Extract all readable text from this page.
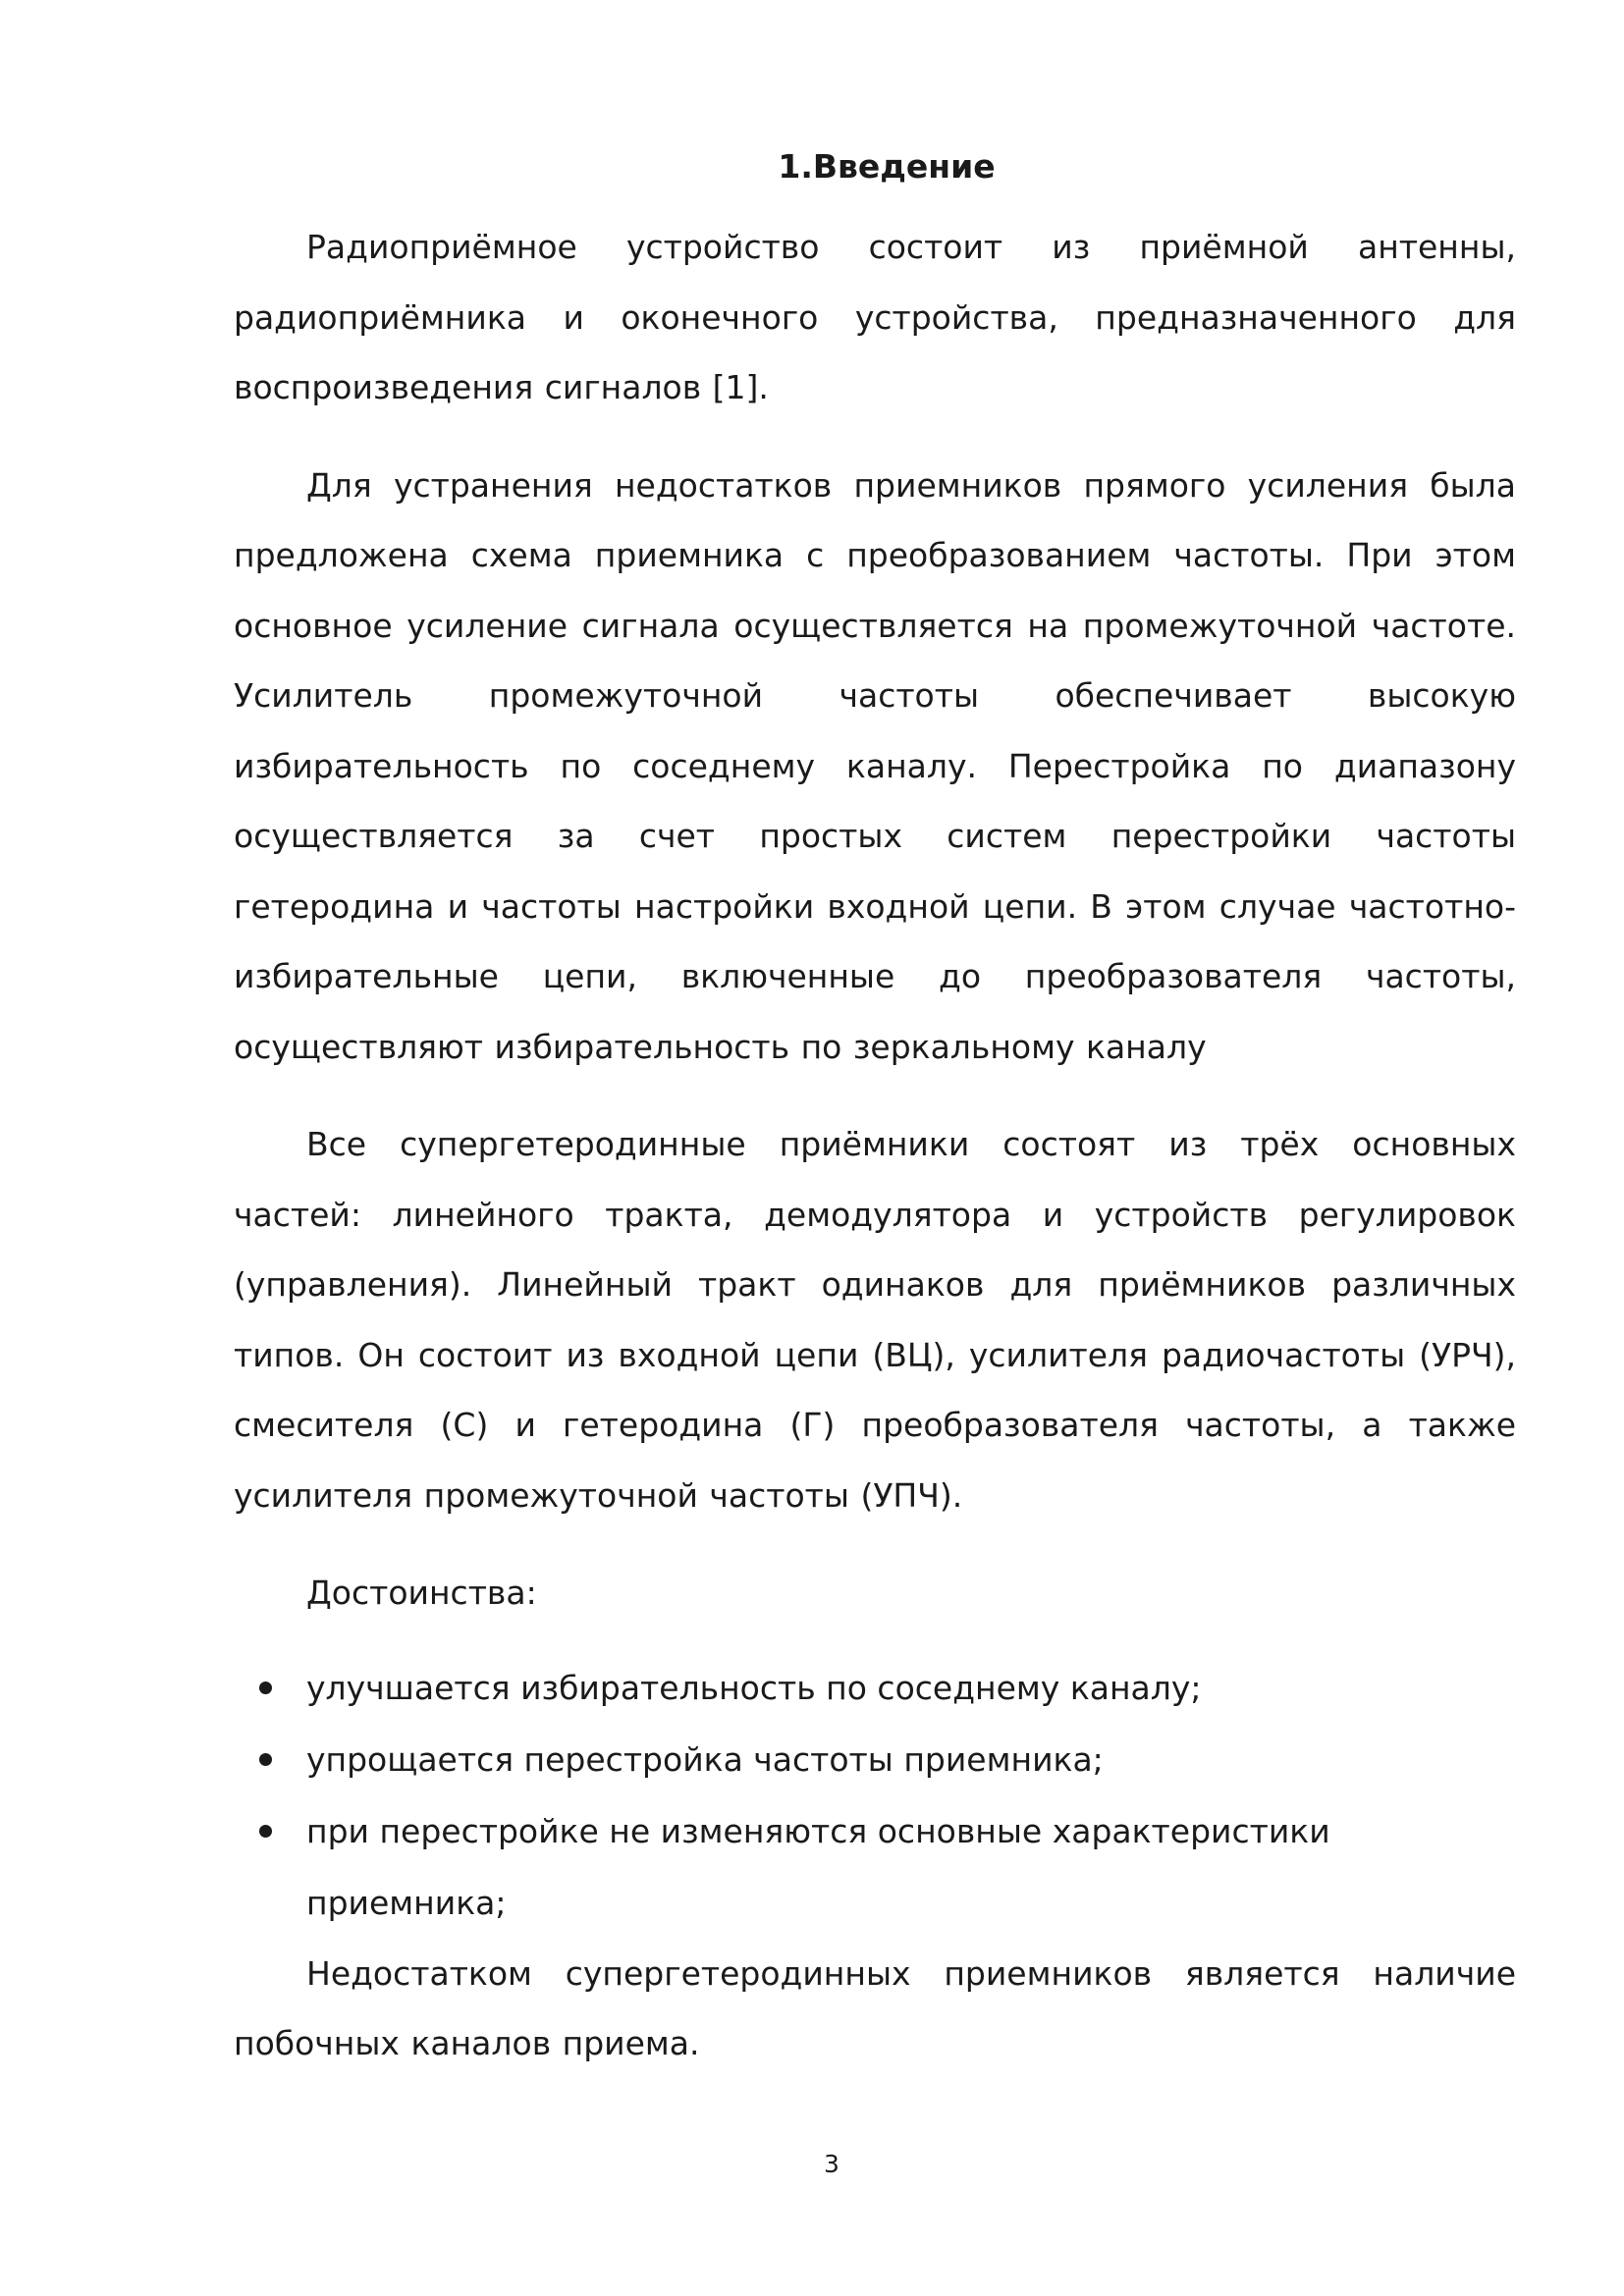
1.Введение

Радиоприёмное устройство состоит из приёмной антенны, радиоприёмника и оконечного устройства, предназначенного для воспроизведения сигналов [1].

Для устранения недостатков приемников прямого усиления была предложена схема приемника с преобразованием частоты. При этом основное усиление сигнала осуществляется на промежуточной частоте. Усилитель промежуточной частоты обеспечивает высокую избирательность по соседнему каналу. Перестройка по диапазону осуществляется за счет простых систем перестройки частоты гетеродина и частоты настройки входной цепи. В этом случае частотно-избирательные цепи, включенные до преобразователя частоты, осуществляют избирательность по зеркальному каналу

Все супергетеродинные приёмники состоят из трёх основных частей: линейного тракта, демодулятора и устройств регулировок (управления). Линейный тракт одинаков для приёмников различных типов. Он состоит из входной цепи (ВЦ), усилителя радиочастоты (УРЧ), смесителя (С) и гетеродина (Г) преобразователя частоты, а также усилителя промежуточной частоты (УПЧ).

Достоинства:

улучшается избирательность по соседнему каналу;
упрощается перестройка частоты приемника;
при перестройке не изменяются основные характеристики приемника;

Недостатком супергетеродинных приемников является наличие побочных каналов приема.

3
